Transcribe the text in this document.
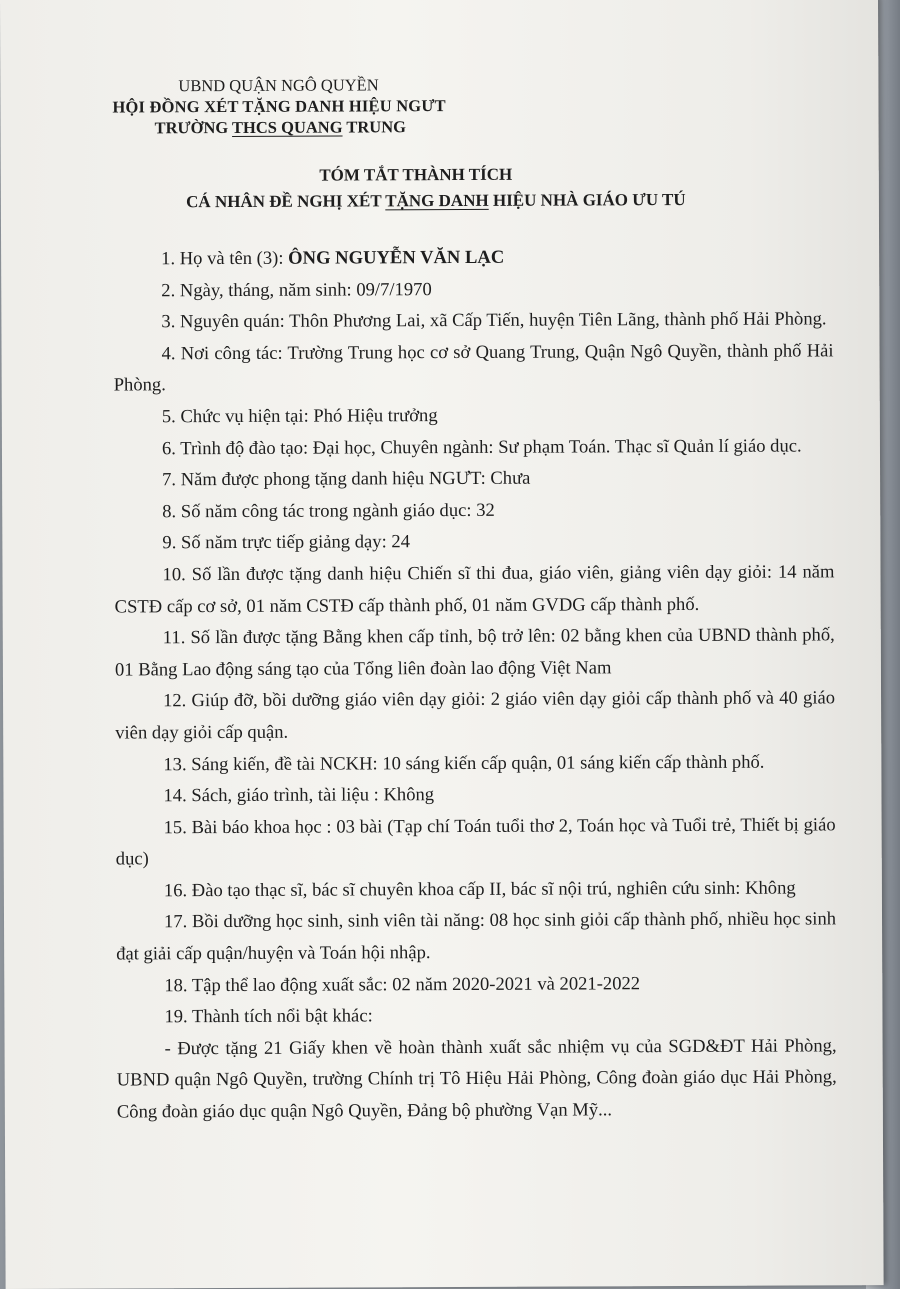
UBND QUẬN NGÔ QUYỀN
HỘI ĐỒNG XÉT TẶNG DANH HIỆU NGƯT
TRƯỜNG THCS QUANG TRUNG
TÓM TẮT THÀNH TÍCH
CÁ NHÂN ĐỀ NGHỊ XÉT TẶNG DANH HIỆU NHÀ GIÁO ƯU TÚ

1. Họ và tên (3): ÔNG NGUYỄN VĂN LẠC

2. Ngày, tháng, năm sinh: 09/7/1970

3. Nguyên quán: Thôn Phương Lai, xã Cấp Tiến, huyện Tiên Lãng, thành phố Hải Phòng.

4. Nơi công tác: Trường Trung học cơ sở Quang Trung, Quận Ngô Quyền, thành phố Hải Phòng.

5. Chức vụ hiện tại: Phó Hiệu trưởng

6. Trình độ đào tạo: Đại học, Chuyên ngành: Sư phạm Toán. Thạc sĩ Quản lí giáo dục.

7. Năm được phong tặng danh hiệu NGƯT: Chưa

8. Số năm công tác trong ngành giáo dục: 32

9. Số năm trực tiếp giảng dạy: 24

10. Số lần được tặng danh hiệu Chiến sĩ thi đua, giáo viên, giảng viên dạy giỏi: 14 năm CSTĐ cấp cơ sở, 01 năm CSTĐ cấp thành phố, 01 năm GVDG cấp thành phố.

11. Số lần được tặng Bằng khen cấp tỉnh, bộ trở lên: 02 bằng khen của UBND thành phố, 01 Bằng Lao động sáng tạo của Tổng liên đoàn lao động Việt Nam

12. Giúp đỡ, bồi dưỡng giáo viên dạy giỏi: 2 giáo viên dạy giỏi cấp thành phố và 40 giáo viên dạy giỏi cấp quận.

13. Sáng kiến, đề tài NCKH: 10 sáng kiến cấp quận, 01 sáng kiến cấp thành phố.

14. Sách, giáo trình, tài liệu : Không

15. Bài báo khoa học : 03 bài (Tạp chí Toán tuổi thơ 2, Toán học và Tuổi trẻ, Thiết bị giáo dục)

16. Đào tạo thạc sĩ, bác sĩ chuyên khoa cấp II, bác sĩ nội trú, nghiên cứu sinh: Không

17. Bồi dưỡng học sinh, sinh viên tài năng: 08 học sinh giỏi cấp thành phố, nhiều học sinh đạt giải cấp quận/huyện và Toán hội nhập.

18. Tập thể lao động xuất sắc: 02 năm 2020-2021 và 2021-2022

19. Thành tích nổi bật khác:

- Được tặng 21 Giấy khen về hoàn thành xuất sắc nhiệm vụ của SGD&ĐT Hải Phòng, UBND quận Ngô Quyền, trường Chính trị Tô Hiệu Hải Phòng, Công đoàn giáo dục Hải Phòng, Công đoàn giáo dục quận Ngô Quyền, Đảng bộ phường Vạn Mỹ...
